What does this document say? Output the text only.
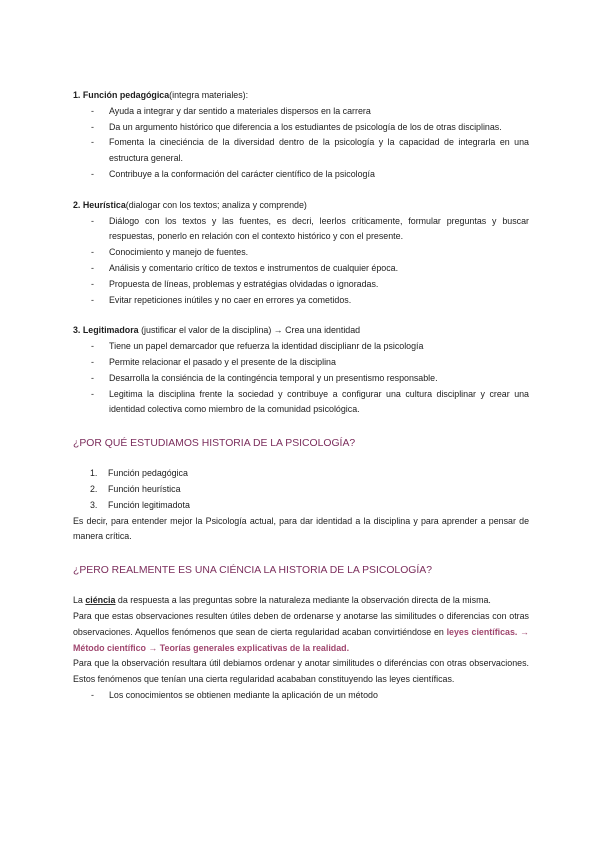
1. Función pedagógica(integra materiales):
- Ayuda a integrar y dar sentido a materiales dispersos en la carrera
- Da un argumento histórico que diferencia a los estudiantes de psicología de los de otras disciplinas.
- Fomenta la cineciéncia de la diversidad dentro de la psicología y la capacidad de integrarla en una estructura general.
- Contribuye a la conformación del carácter científico de la psicología
2. Heurística(dialogar con los textos; analiza y comprende)
- Diálogo con los textos y las fuentes, es decri, leerlos críticamente, formular preguntas y buscar respuestas, ponerlo en relación con el contexto histórico y con el presente.
- Conocimiento y manejo de fuentes.
- Análisis y comentario crítico de textos e instrumentos de cualquier época.
- Propuesta de líneas, problemas y estratégias olvidadas o ignoradas.
- Evitar repeticiones inútiles y no caer en errores ya cometidos.
3. Legitimadora (justificar el valor de la disciplina) → Crea una identidad
- Tiene un papel demarcador que refuerza la identidad disciplianr de la psicología
- Permite relacionar el pasado y el presente de la disciplina
- Desarrolla la consiéncia de la contingéncia temporal y un presentismo responsable.
- Legitima la disciplina frente la sociedad y contribuye a configurar una cultura disciplinar y crear una identidad colectiva como miembro de la comunidad psicológica.
¿POR QUÉ ESTUDIAMOS HISTORIA DE LA PSICOLOGÍA?
1. Función pedagógica
2. Función heurística
3. Función legitimadota

Es decir, para entender mejor la Psicología actual, para dar identidad a la disciplina y para aprender a pensar de manera crítica.

¿PERO REALMENTE ES UNA CIÉNCIA LA HISTORIA DE LA PSICOLOGÍA?

La ciéncia da respuesta a las preguntas sobre la naturaleza mediante la observación directa de la misma.

Para que estas observaciones resulten útiles deben de ordenarse y anotarse las similitudes o diferencias con otras observaciones. Aquellos fenómenos que sean de cierta regularidad acaban convirtiéndose en leyes científicas. → Método científico → Teorías generales explicativas de la realidad.

Para que la observación resultara útil debiamos ordenar y anotar similitudes o diferéncias con otras observaciones. Estos fenómenos que tenían una cierta regularidad acababan constituyendo las leyes científicas.

- Los conocimientos se obtienen mediante la aplicación de un método
